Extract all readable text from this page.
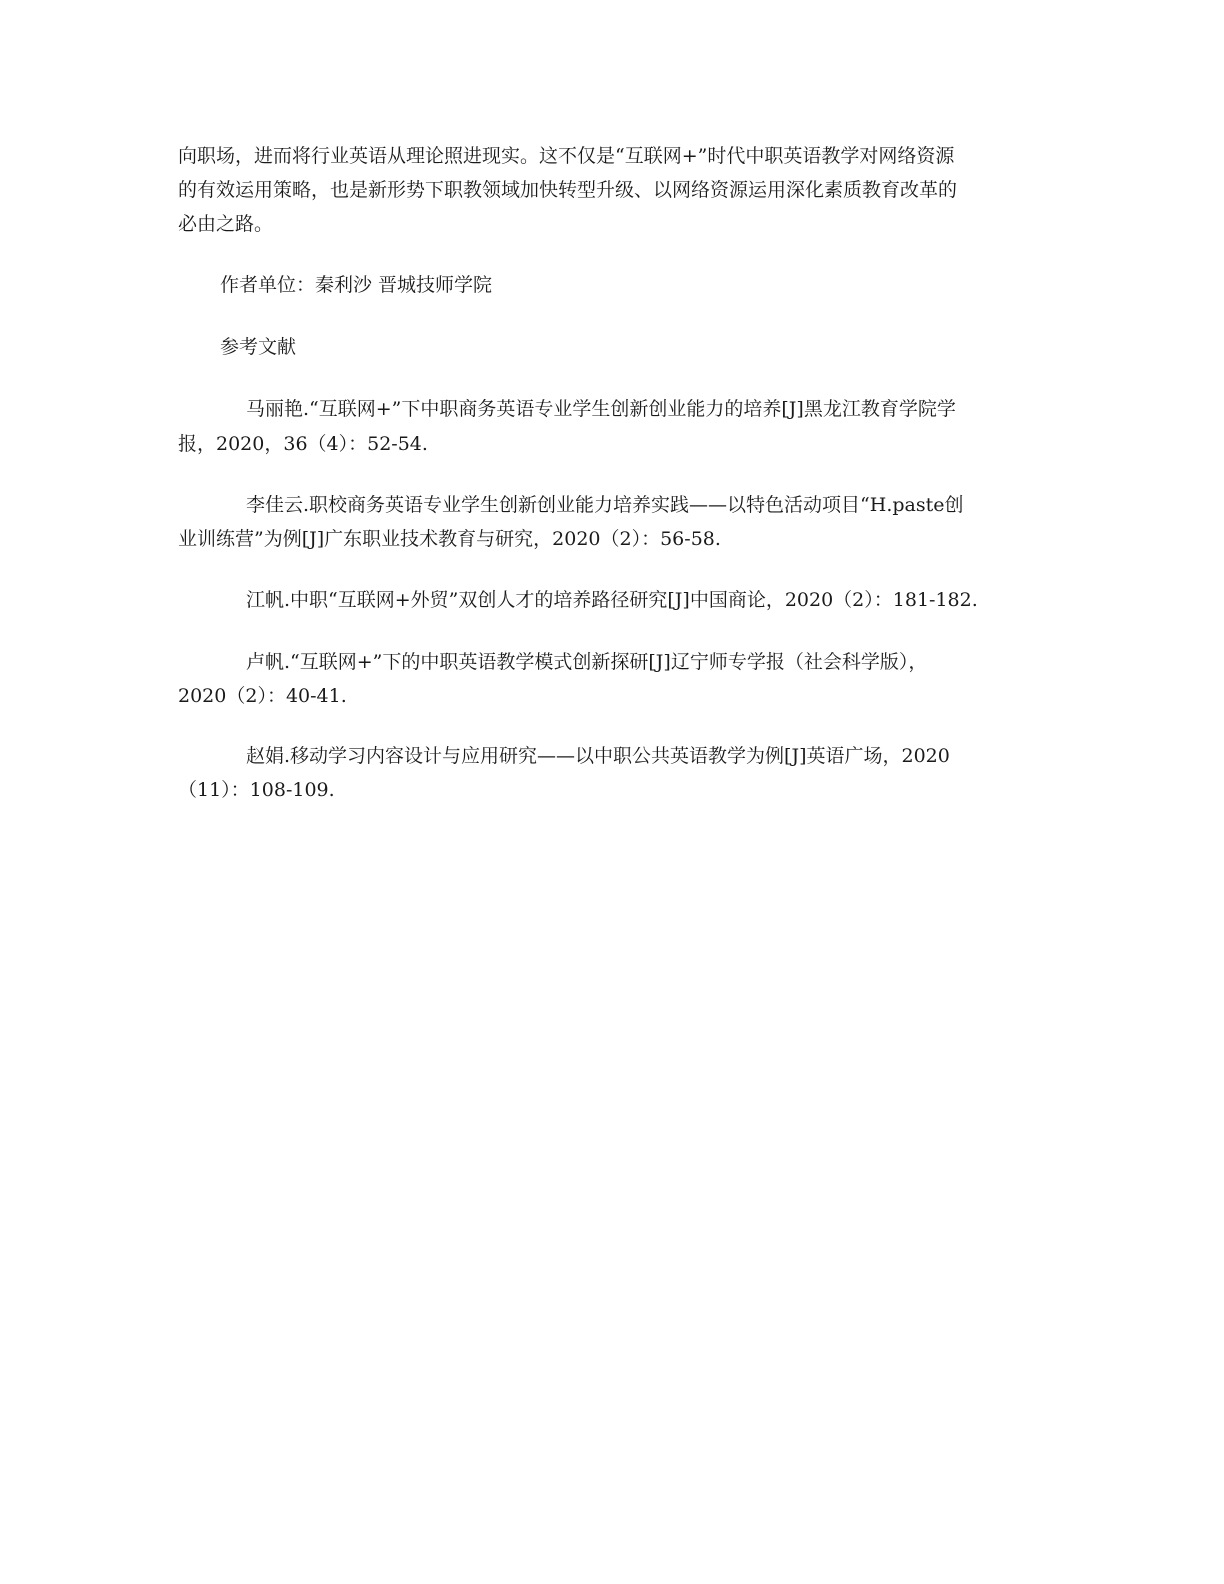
向职场，进而将行业英语从理论照进现实。这不仅是“互联网+”时代中职英语教学对网络资源
的有效运用策略，也是新形势下职教领域加快转型升级、以网络资源运用深化素质教育改革的
必由之路。
作者单位：秦利沙 晋城技师学院
参考文献
马丽艳.“互联网+”下中职商务英语专业学生创新创业能力的培养[J]黑龙江教育学院学
报，2020，36（4）：52-54.
李佳云.职校商务英语专业学生创新创业能力培养实践——以特色活动项目“H.paste创
业训练营”为例[J]广东职业技术教育与研究，2020（2）：56-58.
江帆.中职“互联网+外贸”双创人才的培养路径研究[J]中国商论，2020（2）：181-182.
卢帆.“互联网+”下的中职英语教学模式创新探研[J]辽宁师专学报（社会科学版），
2020（2）：40-41.
赵娟.移动学习内容设计与应用研究——以中职公共英语教学为例[J]英语广场，2020
（11）：108-109.
